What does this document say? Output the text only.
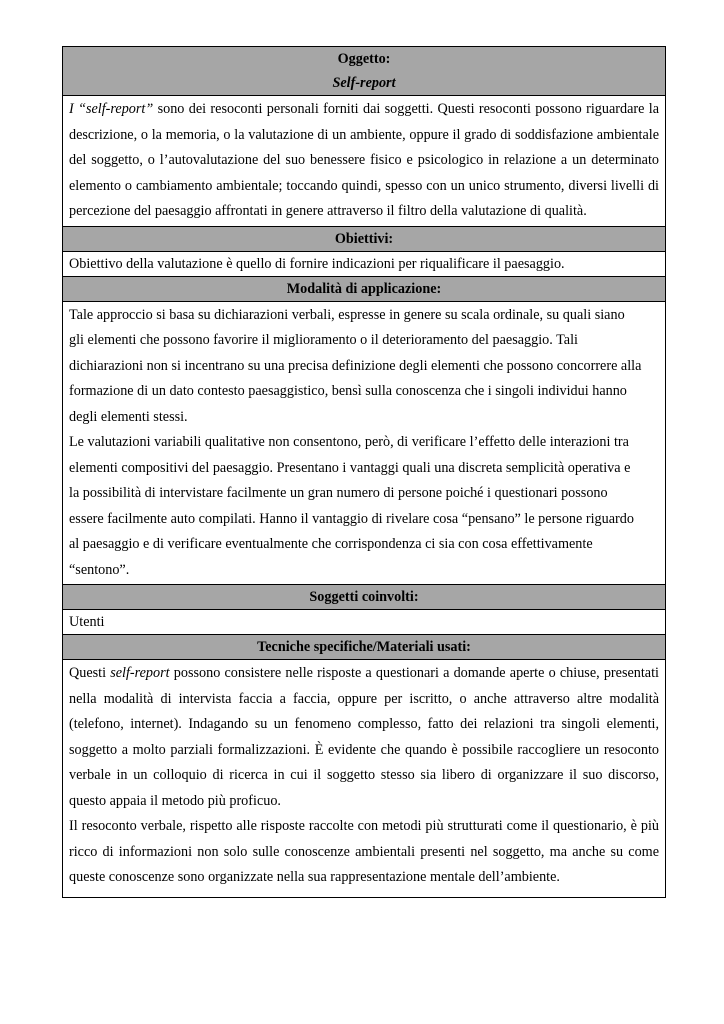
Oggetto:
Self-report

I “self-report” sono dei resoconti personali forniti dai soggetti. Questi resoconti possono riguardare la descrizione, o la memoria, o la valutazione di un ambiente, oppure il grado di soddisfazione ambientale del soggetto, o l’autovalutazione del suo benessere fisico e psicologico in relazione a un determinato elemento o cambiamento ambientale; toccando quindi, spesso con un unico strumento, diversi livelli di percezione del paesaggio affrontati in genere attraverso il filtro della valutazione di qualità.

Obiettivi:
Obiettivo della valutazione è quello di fornire indicazioni per riqualificare il paesaggio.
Modalità di applicazione:
Tale approccio si basa su dichiarazioni verbali, espresse in genere su scala ordinale, su quali siano
gli elementi che possono favorire il miglioramento o il deterioramento del paesaggio. Tali
dichiarazioni non si incentrano su una precisa definizione degli elementi che possono concorrere alla
formazione di un dato contesto paesaggistico, bensì sulla conoscenza che i singoli individui hanno
degli elementi stessi.
Le valutazioni variabili qualitative non consentono, però, di verificare l’effetto delle interazioni tra
elementi compositivi del paesaggio. Presentano i vantaggi quali una discreta semplicità operativa e
la possibilità di intervistare facilmente un gran numero di persone poiché i questionari possono
essere facilmente auto compilati. Hanno il vantaggio di rivelare cosa “pensano” le persone riguardo
al paesaggio e di verificare eventualmente che corrispondenza ci sia con cosa effettivamente
“sentono”.
Soggetti coinvolti:
Utenti
Tecniche specifiche/Materiali usati:

Questi self-report possono consistere nelle risposte a questionari a domande aperte o chiuse, presentati nella modalità di intervista faccia a faccia, oppure per iscritto, o anche attraverso altre modalità (telefono, internet). Indagando su un fenomeno complesso, fatto dei relazioni tra singoli elementi, soggetto a molto parziali formalizzazioni. È evidente che quando è possibile raccogliere un resoconto verbale in un colloquio di ricerca in cui il soggetto stesso sia libero di organizzare il suo discorso, questo appaia il metodo più proficuo.

Il resoconto verbale, rispetto alle risposte raccolte con metodi più strutturati come il questionario, è più ricco di informazioni non solo sulle conoscenze ambientali presenti nel soggetto, ma anche su come queste conoscenze sono organizzate nella sua rappresentazione mentale dell’ambiente.
